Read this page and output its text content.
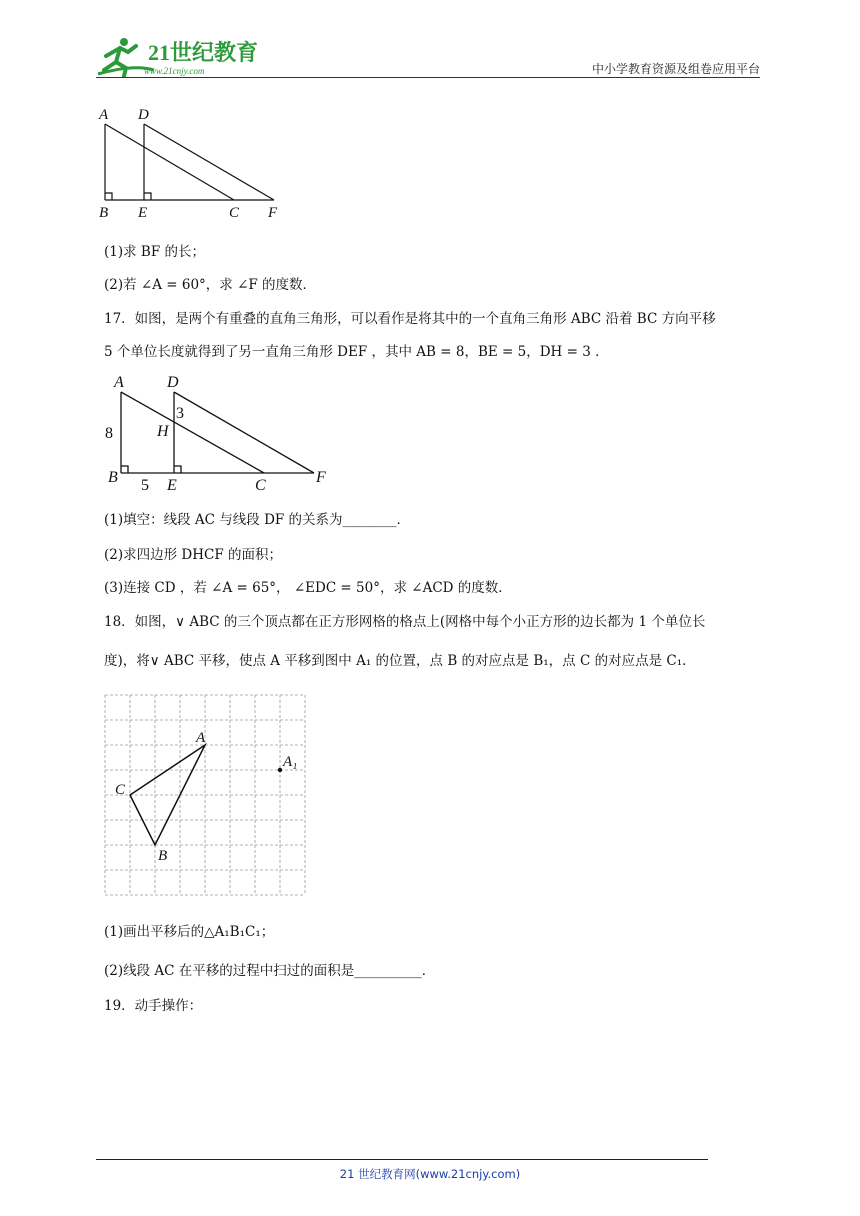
21世纪教育
www.21cnjy.com	中小学教育资源及组卷应用平台
A D
B E	C F
(1)求 BF 的长；
(2)若 ∠A = 60°，求 ∠F 的度数．
17．如图，是两个有重叠的直角三角形，可以看作是将其中的一个直角三角形 ABC 沿着 BC 方向平移
5 个单位长度就得到了另一直角三角形 DEF ，其中 AB = 8，BE = 5，DH = 3 ．
A	D
3
H
8
B 5 E	C	F
(1)填空：线段 AC 与线段 DF 的关系为________．
(2)求四边形 DHCF 的面积；
(3)连接 CD ，若 ∠A = 65°， ∠EDC = 50°，求 ∠ACD 的度数．
18．如图，∨ ABC 的三个顶点都在正方形网格的格点上(网格中每个小正方形的边长都为 1 个单位长
度)，将∨ ABC 平移，使点 A 平移到图中 A₁ 的位置，点 B 的对应点是 B₁，点 C 的对应点是 C₁．
A
C
B
A₁
(1)画出平移后的△A₁B₁C₁；
(2)线段 AC 在平移的过程中扫过的面积是__________．
19．动手操作：
21 世纪教育网(www.21cnjy.com)
